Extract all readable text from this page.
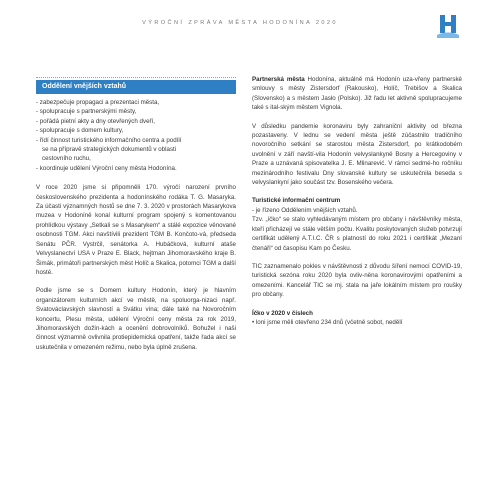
VÝROČNÍ ZPRÁVA MĚSTA HODONÍNA 2020
Oddělení vnějších vztahů
- zabezpečuje propagaci a prezentaci města,
- spolupracuje s partnerskými městy,
- pořádá pietní akty a dny otevřených dveří,
- spolupracuje s domem kultury,
- řídí činnost turistického informačního centra a podílí
se na přípravě strategických dokumentů v oblasti
cestovního ruchu,
- koordinuje udělení Výroční ceny města Hodonína.

V roce 2020 jsme si připomněli 170. výročí narození prvního československého prezidenta a hodonínského rodáka T. G. Masaryka. Za účasti významných hostů se dne 7. 3. 2020 v prostorách Masarykova muzea v Hodoníně konal kulturní program spojený s komentovanou prohlídkou výstavy „Setkali se s Masarykem“ a stálé expozice věnované osobnosti TGM. Akci navštívili prezident TGM B. Končoto-vá, předseda Senátu PČR. Vystrčil, senátorka A. Hubáčková, kulturní ataše Velvyslanectví USA v Praze E. Black, hejtman Jihomoravského kraje B. Šimák, primátoři partnerských měst Holíč a Skalica, potomci TGM a další hosté.

Podle jsme se s Domem kultury Hodonín, který je hlavním organizátorem kulturních akcí ve městě, na spoluorga-nizaci např. Svatováclavských slavností a Svátku vína; dále také na Novoročním koncertu, Plesu města, udělení Výroční ceny města za rok 2019, Jihomoravských dožín-kách a ocenění dobrovolníků. Bohužel i naši činnost významně ovlivnila protiepidemická opatření, takže řada akcí se uskutečnila v omezeném režimu, nebo byla úplně zrušena.

Partnerská města Hodonína, aktuálně má Hodonín uza-vřeny partnerské smlouvy s městy Zistersdorf (Rakousko), Holíč, Trebišov a Skalica (Slovensko) a s městem Jasło (Polsko). Již řadu let aktivně spolupracujeme také s ital-ským městem Vignola.

V důsledku pandemie koronaviru byly zahraniční aktivity od března pozastaveny. V lednu se vedení města ještě zúčastnilo tradičního novoročního setkání se starostou města Zistersdorf, po krátkodobém uvolnění v září navští-vila Hodonín velvyslankyně Bosny a Hercegoviny v Praze a uznávaná spisovatelka J. E. Mlinarević. V rámci sedmé-ho ročníku mezinárodního festivalu Dny slovanské kultury se uskutečnila beseda s velvyslankyní jako součást tzv. Bosenského večera.

Turistické informační centrum
- je řízeno Oddělením vnějších vztahů.

Tzv. „íčko“ se stalo vyhledávaným místem pro občany i návštěvníky města, kteří přicházejí ve stále větším počtu. Kvalitu poskytovaných služeb potvrzují certifikát udělený A.T.I.C. ČR s platností do roku 2021 i certifikát „Mezaní čtenáři“ od časopisu Kam po Česku.

TIC zaznamenalo pokles v návštěvnosti z důvodu šíření nemocí COVID-19, turistická sezóna roku 2020 byla ovliv-něna koronavirovými opatřeními a omezeními. Kancelář TIC se mj. stala na jaře lokálním místem pro roušky pro občany.

Íčko v 2020 v číslech
• loni jsme měli otevřeno 234 dnů (včetně sobot, nedělí
